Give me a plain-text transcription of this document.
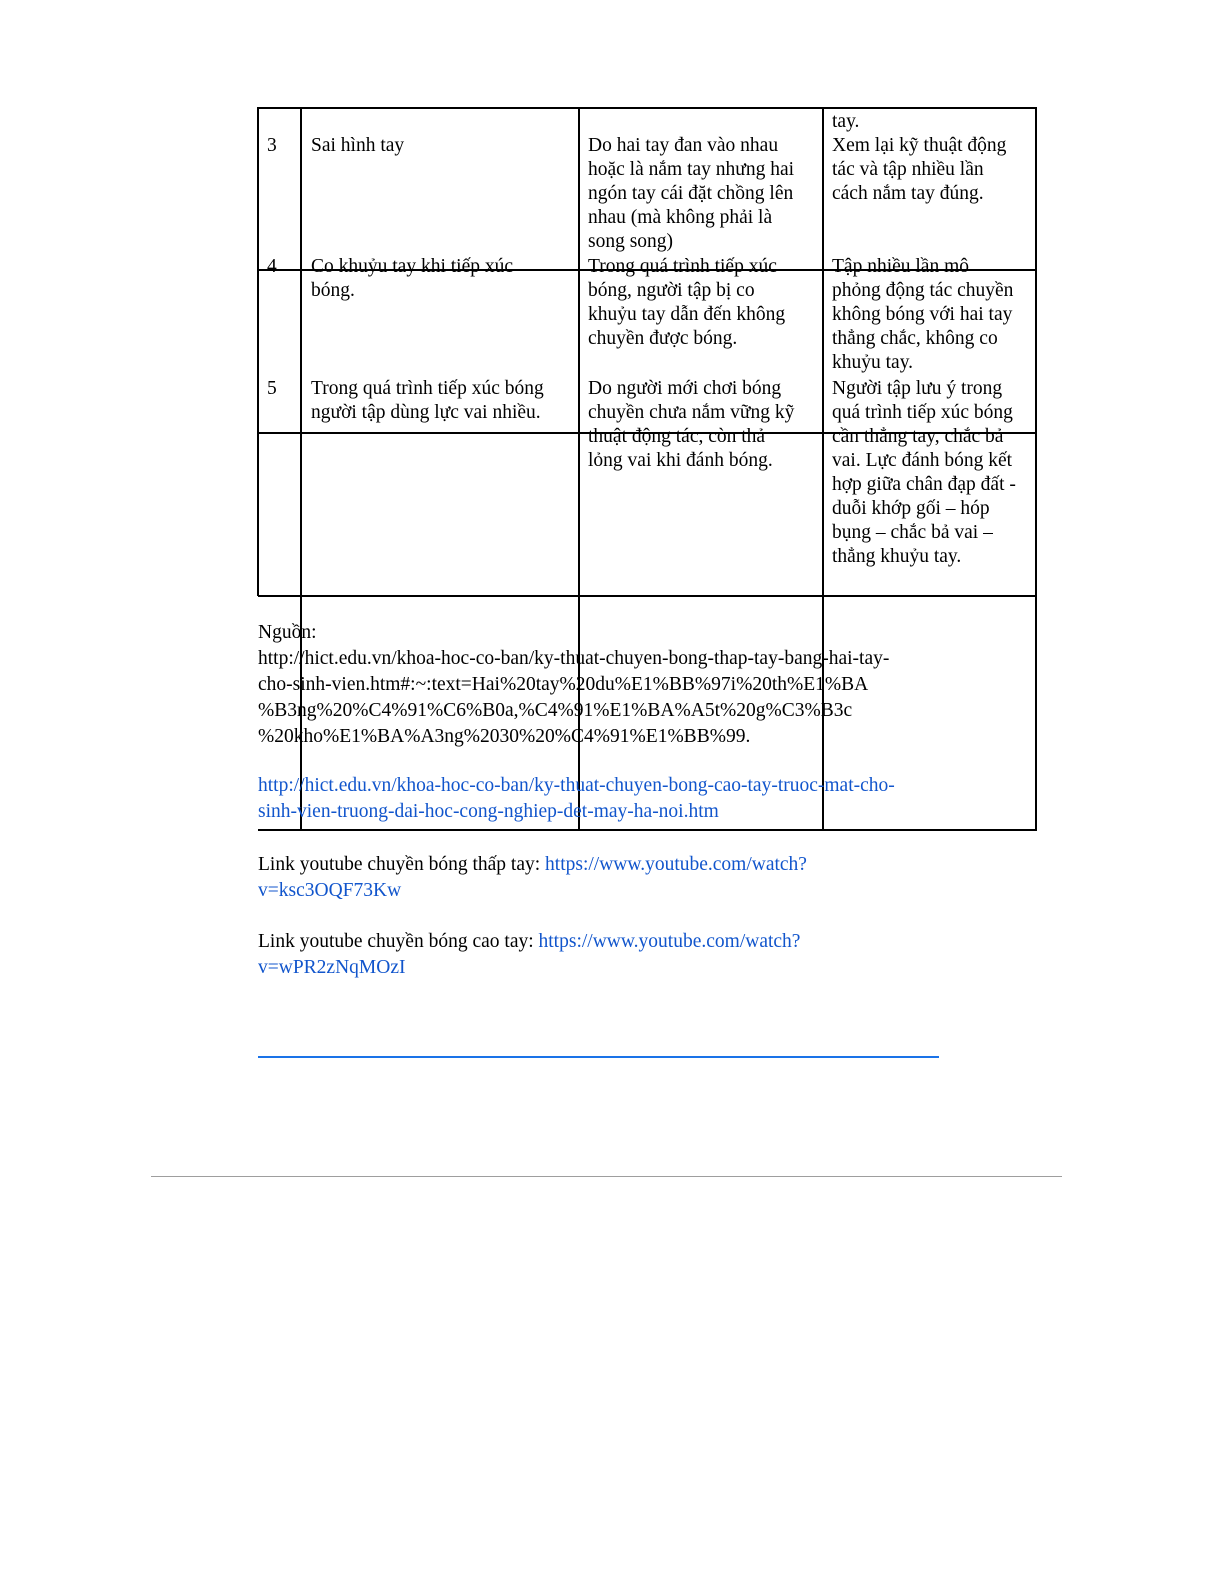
tay.
3 Sai hình tay	Do hai tay đan vào nhau
hoặc là nắm tay nhưng hai
ngón tay cái đặt chồng lên
nhau (mà không phải là
song song)
Xem lại kỹ thuật động
tác và tập nhiều lần
cách nắm tay đúng.
4 Co khuỷu tay khi tiếp xúc
bóng.
Trong quá trình tiếp xúc
bóng, người tập bị co
khuỷu tay dẫn đến không
chuyền được bóng.
Tập nhiều lần mô
phỏng động tác chuyền
không bóng với hai tay
thẳng chắc, không co
khuỷu tay.
5 Trong quá trình tiếp xúc bóng
người tập dùng lực vai nhiều.
Do người mới chơi bóng
chuyền chưa nắm vững kỹ
thuật động tác, còn thả
lỏng vai khi đánh bóng.
Người tập lưu ý trong
quá trình tiếp xúc bóng
cần thẳng tay, chắc bả
vai. Lực đánh bóng kết
hợp giữa chân đạp đất -
duỗi khớp gối – hóp
bụng – chắc bả vai –
thẳng khuỷu tay.
Nguồn:
http://hict.edu.vn/khoa-hoc-co-ban/ky-thuat-chuyen-bong-thap-tay-bang-hai-tay-
cho-sinh-vien.htm#:~:text=Hai%20tay%20du%E1%BB%97i%20th%E1%BA
%B3ng%20%C4%91%C6%B0a,%C4%91%E1%BA%A5t%20g%C3%B3c
%20kho%E1%BA%A3ng%2030%20%C4%91%E1%BB%99.
http://hict.edu.vn/khoa-hoc-co-ban/ky-thuat-chuyen-bong-cao-tay-truoc-mat-cho-
sinh-vien-truong-dai-hoc-cong-nghiep-det-may-ha-noi.htm
Link youtube chuyền bóng thấp tay: https://www.youtube.com/watch?
v=ksc3OQF73Kw
Link youtube chuyền bóng cao tay: https://www.youtube.com/watch?
v=wPR2zNqMOzI
